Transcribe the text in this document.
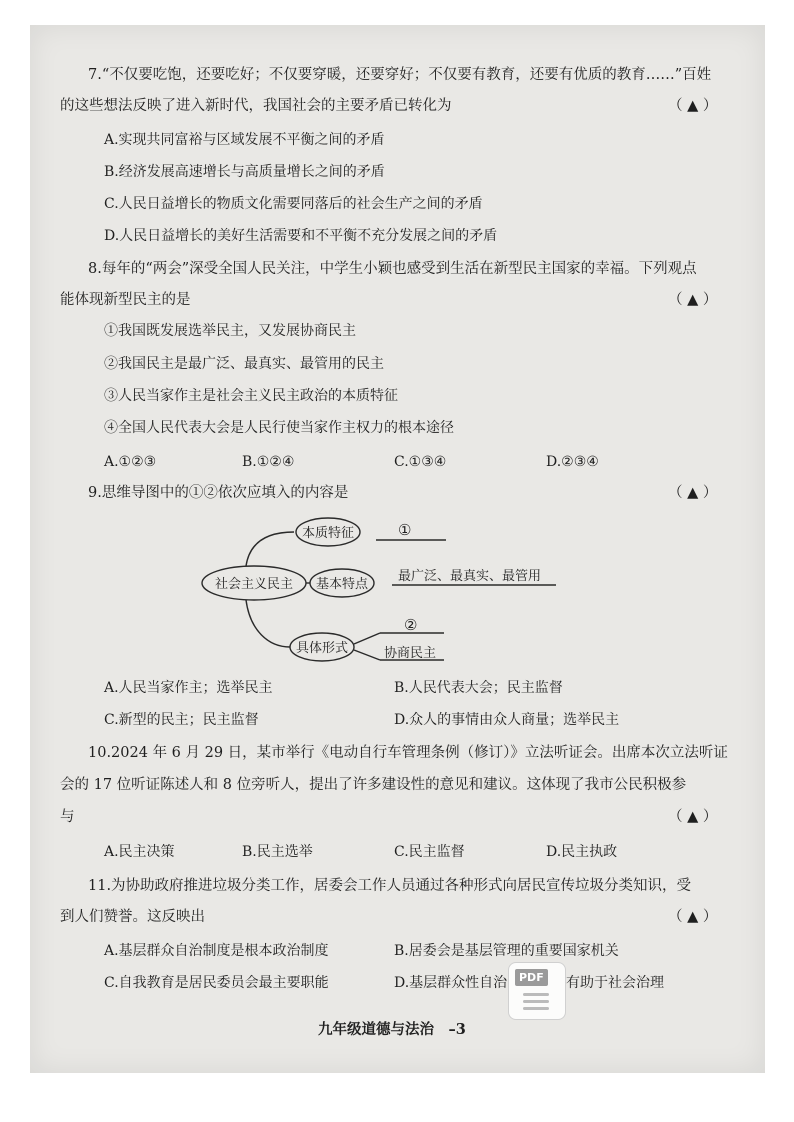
7.“不仅要吃饱，还要吃好；不仅要穿暖，还要穿好；不仅要有教育，还要有优质的教育……”百姓
的这些想法反映了进入新时代，我国社会的主要矛盾已转化为	（ ▲ ）
A.实现共同富裕与区域发展不平衡之间的矛盾
B.经济发展高速增长与高质量增长之间的矛盾
C.人民日益增长的物质文化需要同落后的社会生产之间的矛盾
D.人民日益增长的美好生活需要和不平衡不充分发展之间的矛盾
8.每年的“两会”深受全国人民关注，中学生小颖也感受到生活在新型民主国家的幸福。下列观点
能体现新型民主的是	（ ▲ ）
①我国既发展选举民主，又发展协商民主
②我国民主是最广泛、最真实、最管用的民主
③人民当家作主是社会主义民主政治的本质特征
④全国人民代表大会是人民行使当家作主权力的根本途径
A.①②③	B.①②④	C.①③④	D.②③④
9.思维导图中的①②依次应填入的内容是	（ ▲ ）
社会主义民主
本质特征
基本特点
具体形式
①
最广泛、最真实、最管用
②
协商民主
A.人民当家作主；选举民主	B.人民代表大会；民主监督
C.新型的民主；民主监督	D.众人的事情由众人商量；选举民主
10.2024 年 6 月 29 日，某市举行《电动自行车管理条例（修订）》立法听证会。出席本次立法听证
会的 17 位听证陈述人和 8 位旁听人，提出了许多建设性的意见和建议。这体现了我市公民积极参
与	（ ▲ ）
A.民主决策	B.民主选举	C.民主监督	D.民主执政
11.为协助政府推进垃圾分类工作，居委会工作人员通过各种形式向居民宣传垃圾分类知识，受
到人们赞誉。这反映出	（ ▲ ）
A.基层群众自治制度是根本政治制度	B.居委会是基层管理的重要国家机关
C.自我教育是居民委员会最主要职能	D.基层群众性自治	有助于社会治理
PDF
九年级道德与法治　–3
